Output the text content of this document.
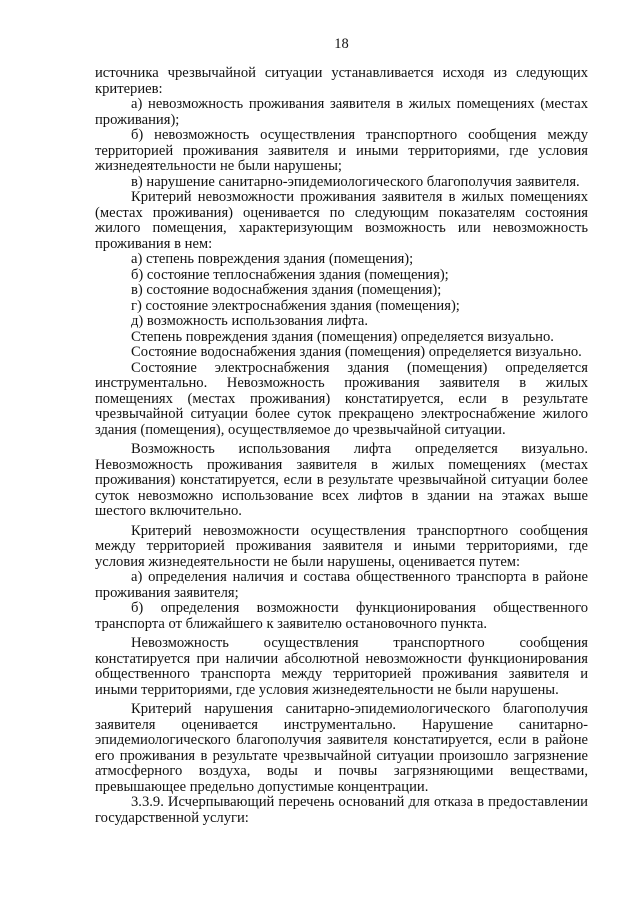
18

источника чрезвычайной ситуации устанавливается исходя из следующих критериев:

а) невозможность проживания заявителя в жилых помещениях (местах проживания);

б) невозможность осуществления транспортного сообщения между территорией проживания заявителя и иными территориями, где условия жизнедеятельности не были нарушены;

в) нарушение санитарно-эпидемиологического благополучия заявителя.

Критерий невозможности проживания заявителя в жилых помещениях (местах проживания) оценивается по следующим показателям состояния жилого помещения, характеризующим возможность или невозможность проживания в нем:

а) степень повреждения здания (помещения);

б) состояние теплоснабжения здания (помещения);

в) состояние водоснабжения здания (помещения);

г) состояние электроснабжения здания (помещения);

д) возможность использования лифта.

Степень повреждения здания (помещения) определяется визуально.

Состояние водоснабжения здания (помещения) определяется визуально.

Состояние электроснабжения здания (помещения) определяется инструментально. Невозможность проживания заявителя в жилых помещениях (местах проживания) констатируется, если в результате чрезвычайной ситуации более суток прекращено электроснабжение жилого здания (помещения), осуществляемое до чрезвычайной ситуации.

Возможность использования лифта определяется визуально. Невозможность проживания заявителя в жилых помещениях (местах проживания) констатируется, если в результате чрезвычайной ситуации более суток невозможно использование всех лифтов в здании на этажах выше шестого включительно.

Критерий невозможности осуществления транспортного сообщения между территорией проживания заявителя и иными территориями, где условия жизнедеятельности не были нарушены, оценивается путем:

а) определения наличия и состава общественного транспорта в районе проживания заявителя;

б) определения возможности функционирования общественного транспорта от ближайшего к заявителю остановочного пункта.

Невозможность осуществления транспортного сообщения констатируется при наличии абсолютной невозможности функционирования общественного транспорта между территорией проживания заявителя и иными территориями, где условия жизнедеятельности не были нарушены.

Критерий нарушения санитарно-эпидемиологического благополучия заявителя оценивается инструментально. Нарушение санитарно-эпидемиологического благополучия заявителя констатируется, если в районе его проживания в результате чрезвычайной ситуации произошло загрязнение атмосферного воздуха, воды и почвы загрязняющими веществами, превышающее предельно допустимые концентрации.

3.3.9. Исчерпывающий перечень оснований для отказа в предоставлении государственной услуги:
